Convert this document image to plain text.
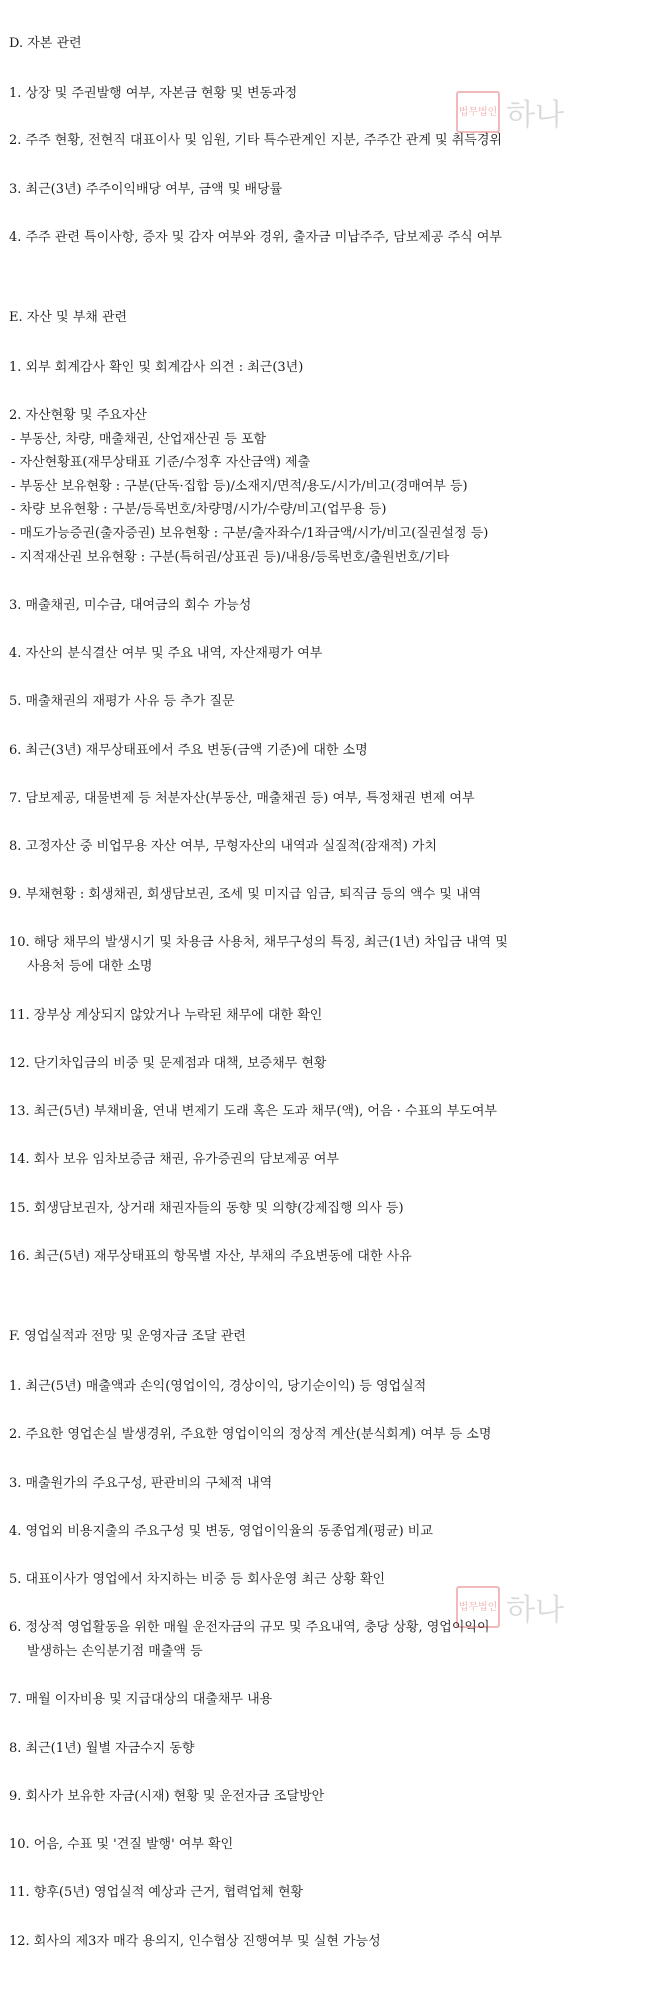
법무법인 하나
법무법인 하나
D. 자본 관련
1. 상장 및 주권발행 여부, 자본금 현황 및 변동과정
2. 주주 현황, 전현직 대표이사 및 임원, 기타 특수관계인 지분, 주주간 관계 및 취득경위
3. 최근(3년) 주주이익배당 여부, 금액 및 배당률
4. 주주 관련 특이사항, 증자 및 감자 여부와 경위, 출자금 미납주주, 담보제공 주식 여부
E. 자산 및 부채 관련
1. 외부 회계감사 확인 및 회계감사 의견 : 최근(3년)
2. 자산현황 및 주요자산
- 부동산, 차량, 매출채권, 산업재산권 등 포함
- 자산현황표(재무상태표 기준/수정후 자산금액) 제출
- 부동산 보유현황 : 구분(단독·집합 등)/소재지/면적/용도/시가/비고(경매여부 등)
- 차량 보유현황 : 구분/등록번호/차량명/시가/수량/비고(업무용 등)
- 매도가능증권(출자증권) 보유현황 : 구분/출자좌수/1좌금액/시가/비고(질권설정 등)
- 지적재산권 보유현황 : 구분(특허권/상표권 등)/내용/등록번호/출원번호/기타
3. 매출채권, 미수금, 대여금의 회수 가능성
4. 자산의 분식결산 여부 및 주요 내역, 자산재평가 여부
5. 매출채권의 재평가 사유 등 추가 질문
6. 최근(3년) 재무상태표에서 주요 변동(금액 기준)에 대한 소명
7. 담보제공, 대물변제 등 처분자산(부동산, 매출채권 등) 여부, 특정채권 변제 여부
8. 고정자산 중 비업무용 자산 여부, 무형자산의 내역과 실질적(잠재적) 가치
9. 부채현황 : 회생채권, 회생담보권, 조세 및 미지급 임금, 퇴직금 등의 액수 및 내역
10. 해당 채무의 발생시기 및 차용금 사용처, 채무구성의 특징, 최근(1년) 차입금 내역 및
사용처 등에 대한 소명
11. 장부상 계상되지 않았거나 누락된 채무에 대한 확인
12. 단기차입금의 비중 및 문제점과 대책, 보증채무 현황
13. 최근(5년) 부채비율, 연내 변제기 도래 혹은 도과 채무(액), 어음 · 수표의 부도여부
14. 회사 보유 임차보증금 채권, 유가증권의 담보제공 여부
15. 회생담보권자, 상거래 채권자들의 동향 및 의향(강제집행 의사 등)
16. 최근(5년) 재무상태표의 항목별 자산, 부채의 주요변동에 대한 사유
F. 영업실적과 전망 및 운영자금 조달 관련
1. 최근(5년) 매출액과 손익(영업이익, 경상이익, 당기순이익) 등 영업실적
2. 주요한 영업손실 발생경위, 주요한 영업이익의 정상적 계산(분식회계) 여부 등 소명
3. 매출원가의 주요구성, 판관비의 구체적 내역
4. 영업외 비용지출의 주요구성 및 변동, 영업이익율의 동종업계(평균) 비교
5. 대표이사가 영업에서 차지하는 비중 등 회사운영 최근 상황 확인
6. 정상적 영업활동을 위한 매월 운전자금의 규모 및 주요내역, 충당 상황, 영업이익이
발생하는 손익분기점 매출액 등
7. 매월 이자비용 및 지급대상의 대출채무 내용
8. 최근(1년) 월별 자금수지 동향
9. 회사가 보유한 자금(시재) 현황 및 운전자금 조달방안
10. 어음, 수표 및 '견질 발행' 여부 확인
11. 향후(5년) 영업실적 예상과 근거, 협력업체 현황
12. 회사의 제3자 매각 용의지, 인수협상 진행여부 및 실현 가능성
